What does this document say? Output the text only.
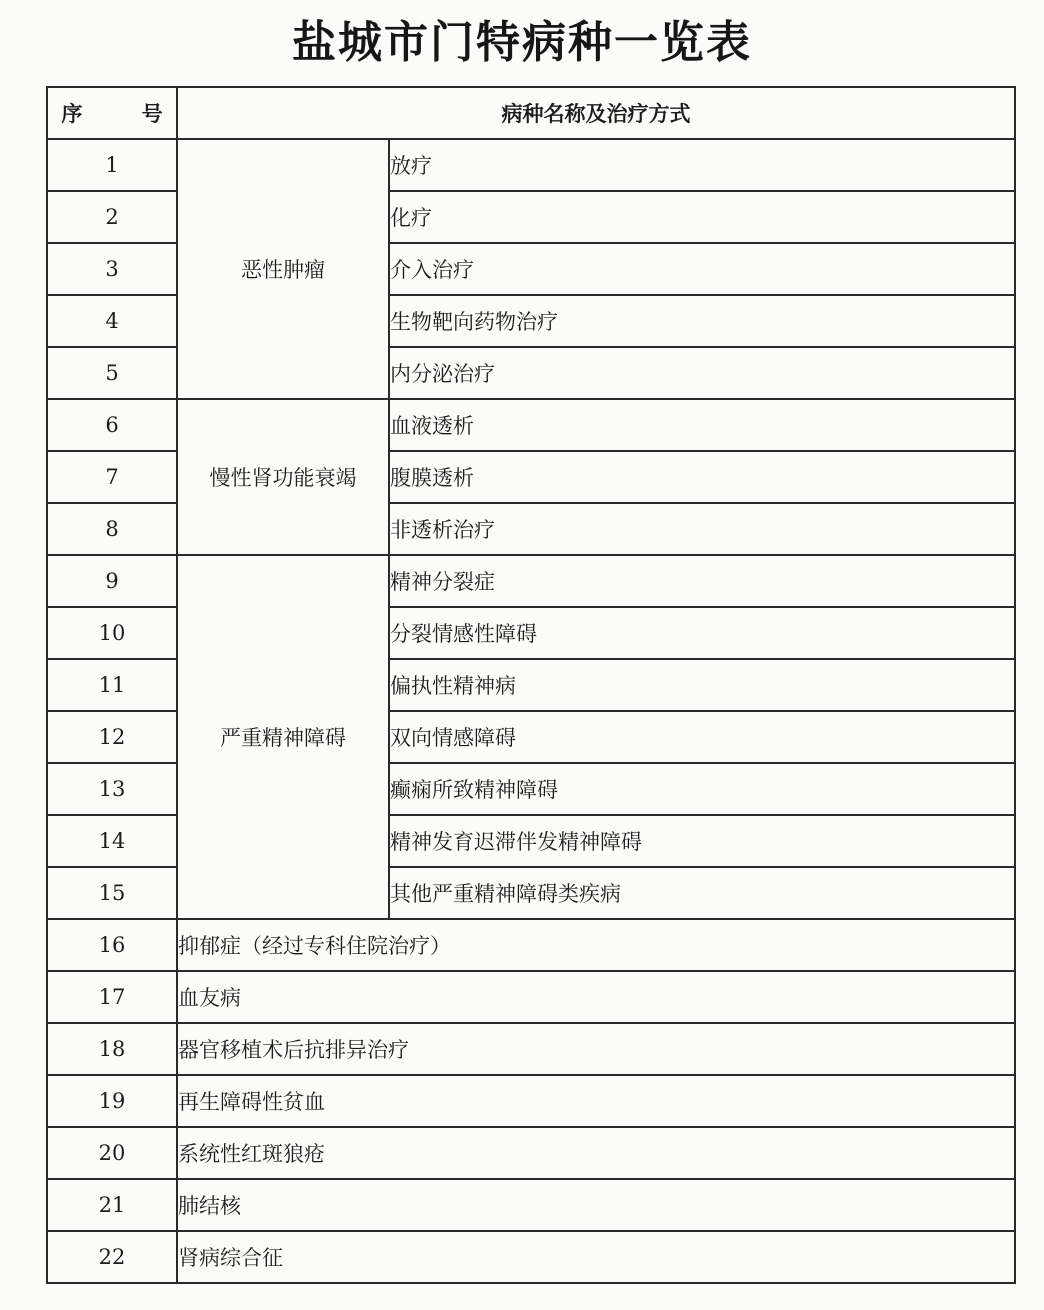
盐城市门特病种一览表
序 号	病种名称及治疗方式	
1	恶性肿瘤	放疗
2		化疗
3		介入治疗
4		生物靶向药物治疗
5		内分泌治疗
6	慢性肾功能衰竭	血液透析
7		腹膜透析
8		非透析治疗
9	严重精神障碍	精神分裂症
10		分裂情感性障碍
11		偏执性精神病
12		双向情感障碍
13		癫痫所致精神障碍
14		精神发育迟滞伴发精神障碍
15		其他严重精神障碍类疾病
16	抑郁症（经过专科住院治疗）	
17	血友病	
18	器官移植术后抗排异治疗	
19	再生障碍性贫血	
20	系统性红斑狼疮	
21	肺结核	
22	肾病综合征	
